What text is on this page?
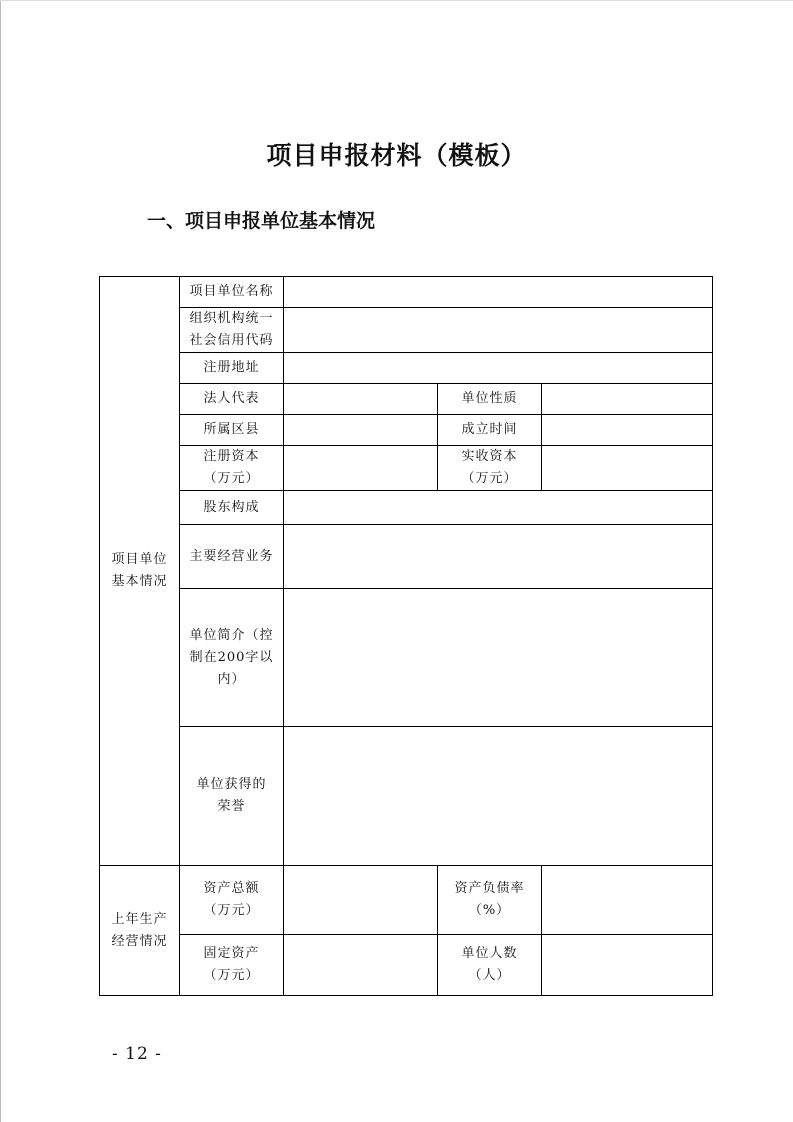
项目申报材料（模板）
一、项目申报单位基本情况
项目单位基本情况	项目单位名称			

	组织机构统一社会信用代码			

	注册地址			
	法人代表		单位性质	
	所属区县		成立时间	

	注册资本（万元）		实收资本（万元）	

	股东构成			
	主要经营业务			

	单位简介（控制在200字以内）			

	单位获得的荣誉			

上年生产经营情况	资产总额（万元）		资产负债率（%）	

	固定资产（万元）		单位人数（人）	

- 12 -
